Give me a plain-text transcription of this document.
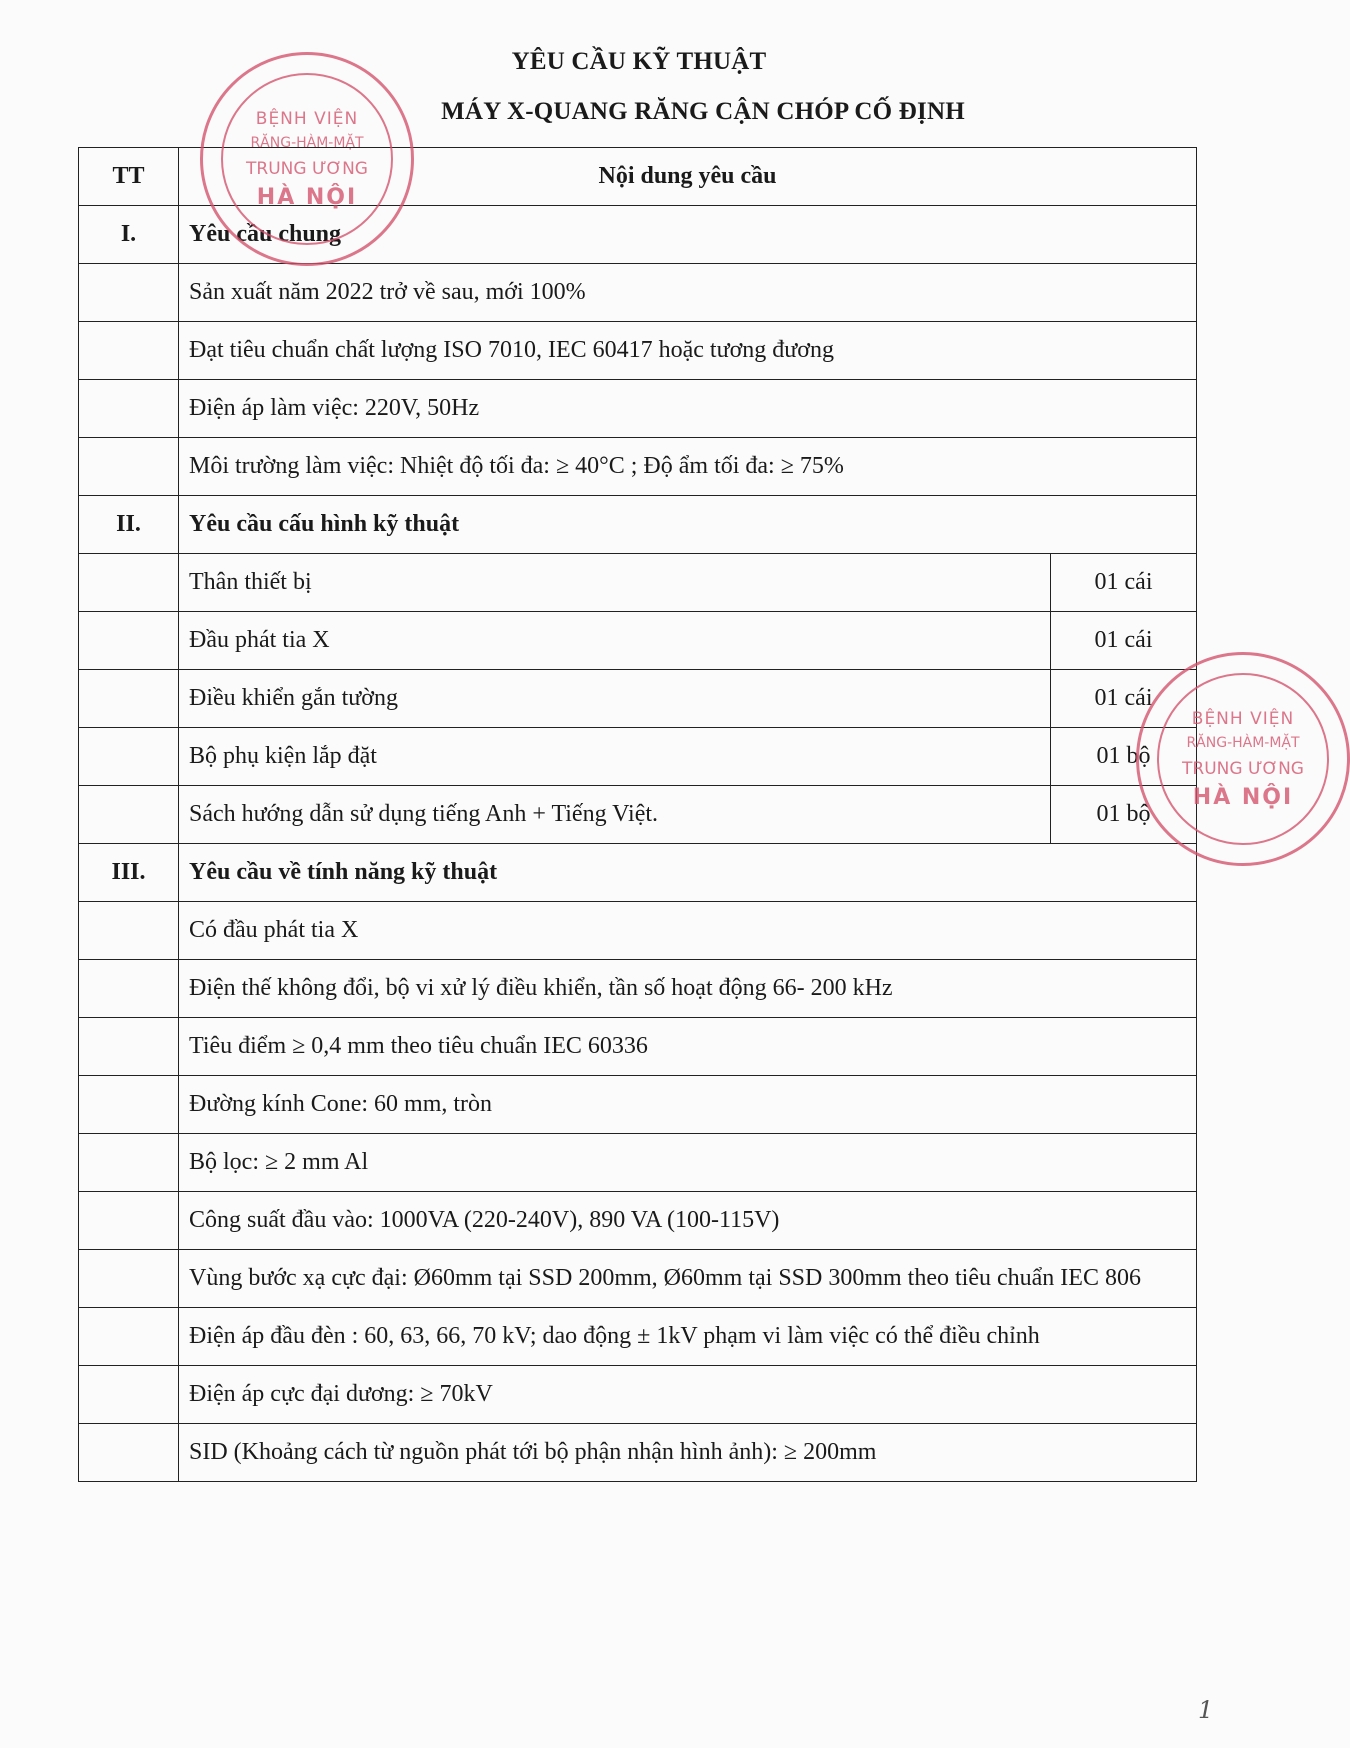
YÊU CẦU KỸ THUẬT
MÁY X-QUANG RĂNG CẬN CHÓP CỐ ĐỊNH
TT	Nội dung yêu cầu	
I.	Yêu cầu chung	
	Sản xuất năm 2022 trở về sau, mới 100%	
	Đạt tiêu chuẩn chất lượng ISO 7010, IEC 60417 hoặc tương đương	
	Điện áp làm việc: 220V, 50Hz	
	Môi trường làm việc: Nhiệt độ tối đa: ≥ 40°C ; Độ ẩm tối đa: ≥ 75%	
II.	Yêu cầu cấu hình kỹ thuật	
	Thân thiết bị	01 cái
	Đầu phát tia X	01 cái
	Điều khiển gắn tường	01 cái
	Bộ phụ kiện lắp đặt	01 bộ
	Sách hướng dẫn sử dụng tiếng Anh + Tiếng Việt.	01 bộ
III.	Yêu cầu về tính năng kỹ thuật	
	Có đầu phát tia X	
	Điện thế không đổi, bộ vi xử lý điều khiển, tần số hoạt động 66- 200 kHz	
	Tiêu điểm ≥ 0,4 mm theo tiêu chuẩn IEC 60336	
	Đường kính Cone: 60 mm, tròn	
	Bộ lọc: ≥ 2 mm Al	
	Công suất đầu vào: 1000VA (220-240V), 890 VA (100-115V)	
	Vùng bước xạ cực đại: Ø60mm tại SSD 200mm, Ø60mm tại SSD 300mm theo tiêu chuẩn IEC 806	
	Điện áp đầu đèn : 60, 63, 66, 70 kV; dao động ± 1kV phạm vi làm việc có thể điều chỉnh	
	Điện áp cực đại dương: ≥ 70kV	
	SID (Khoảng cách từ nguồn phát tới bộ phận nhận hình ảnh): ≥ 200mm	
BỆNH VIỆN
RĂNG-HÀM-MẶT
TRUNG ƯƠNG
HÀ NỘI
BỆNH VIỆN
RĂNG-HÀM-MẶT
TRUNG ƯƠNG
HÀ NỘI
1
